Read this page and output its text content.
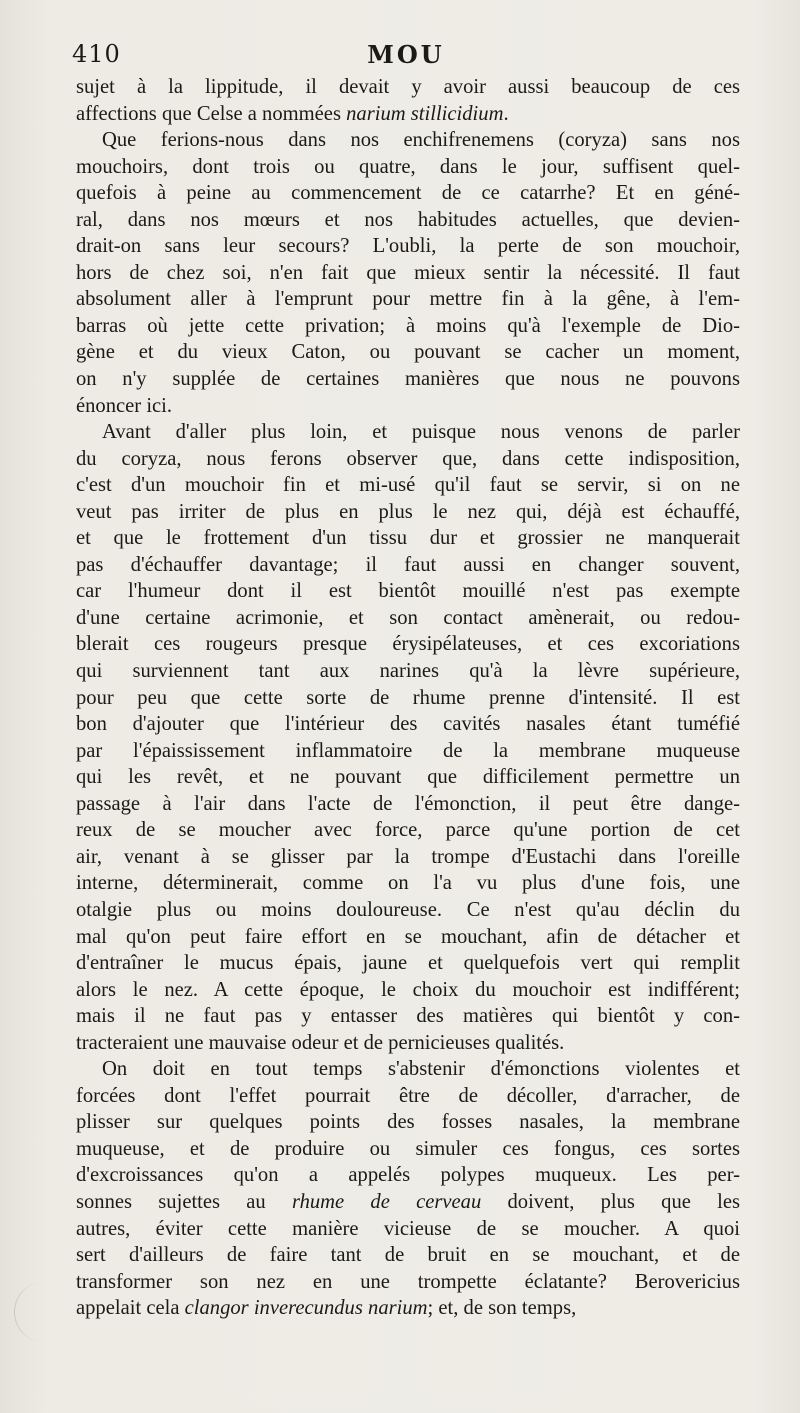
410	MOU
sujet à la lippitude, il devait y avoir aussi beaucoup de ces
affections que Celse a nommées narium stillicidium.
Que ferions-nous dans nos enchifrenemens (coryza) sans nos
mouchoirs, dont trois ou quatre, dans le jour, suffisent quel-
quefois à peine au commencement de ce catarrhe? Et en géné-
ral, dans nos mœurs et nos habitudes actuelles, que devien-
drait-on sans leur secours? L'oubli, la perte de son mouchoir,
hors de chez soi, n'en fait que mieux sentir la nécessité. Il faut
absolument aller à l'emprunt pour mettre fin à la gêne, à l'em-
barras où jette cette privation; à moins qu'à l'exemple de Dio-
gène et du vieux Caton, ou pouvant se cacher un moment,
on n'y supplée de certaines manières que nous ne pouvons
énoncer ici.
Avant d'aller plus loin, et puisque nous venons de parler
du coryza, nous ferons observer que, dans cette indisposition,
c'est d'un mouchoir fin et mi-usé qu'il faut se servir, si on ne
veut pas irriter de plus en plus le nez qui, déjà est échauffé,
et que le frottement d'un tissu dur et grossier ne manquerait
pas d'échauffer davantage; il faut aussi en changer souvent,
car l'humeur dont il est bientôt mouillé n'est pas exempte
d'une certaine acrimonie, et son contact amènerait, ou redou-
blerait ces rougeurs presque érysipélateuses, et ces excoriations
qui surviennent tant aux narines qu'à la lèvre supérieure,
pour peu que cette sorte de rhume prenne d'intensité. Il est
bon d'ajouter que l'intérieur des cavités nasales étant tuméfié
par l'épaississement inflammatoire de la membrane muqueuse
qui les revêt, et ne pouvant que difficilement permettre un
passage à l'air dans l'acte de l'émonction, il peut être dange-
reux de se moucher avec force, parce qu'une portion de cet
air, venant à se glisser par la trompe d'Eustachi dans l'oreille
interne, déterminerait, comme on l'a vu plus d'une fois, une
otalgie plus ou moins douloureuse. Ce n'est qu'au déclin du
mal qu'on peut faire effort en se mouchant, afin de détacher et
d'entraîner le mucus épais, jaune et quelquefois vert qui remplit
alors le nez. A cette époque, le choix du mouchoir est indifférent;
mais il ne faut pas y entasser des matières qui bientôt y con-
tracteraient une mauvaise odeur et de pernicieuses qualités.
On doit en tout temps s'abstenir d'émonctions violentes et
forcées dont l'effet pourrait être de décoller, d'arracher, de
plisser sur quelques points des fosses nasales, la membrane
muqueuse, et de produire ou simuler ces fongus, ces sortes
d'excroissances qu'on a appelés polypes muqueux. Les per-
sonnes sujettes au rhume de cerveau doivent, plus que les
autres, éviter cette manière vicieuse de se moucher. A quoi
sert d'ailleurs de faire tant de bruit en se mouchant, et de
transformer son nez en une trompette éclatante? Berovericius
appelait cela clangor inverecundus narium; et, de son temps,
